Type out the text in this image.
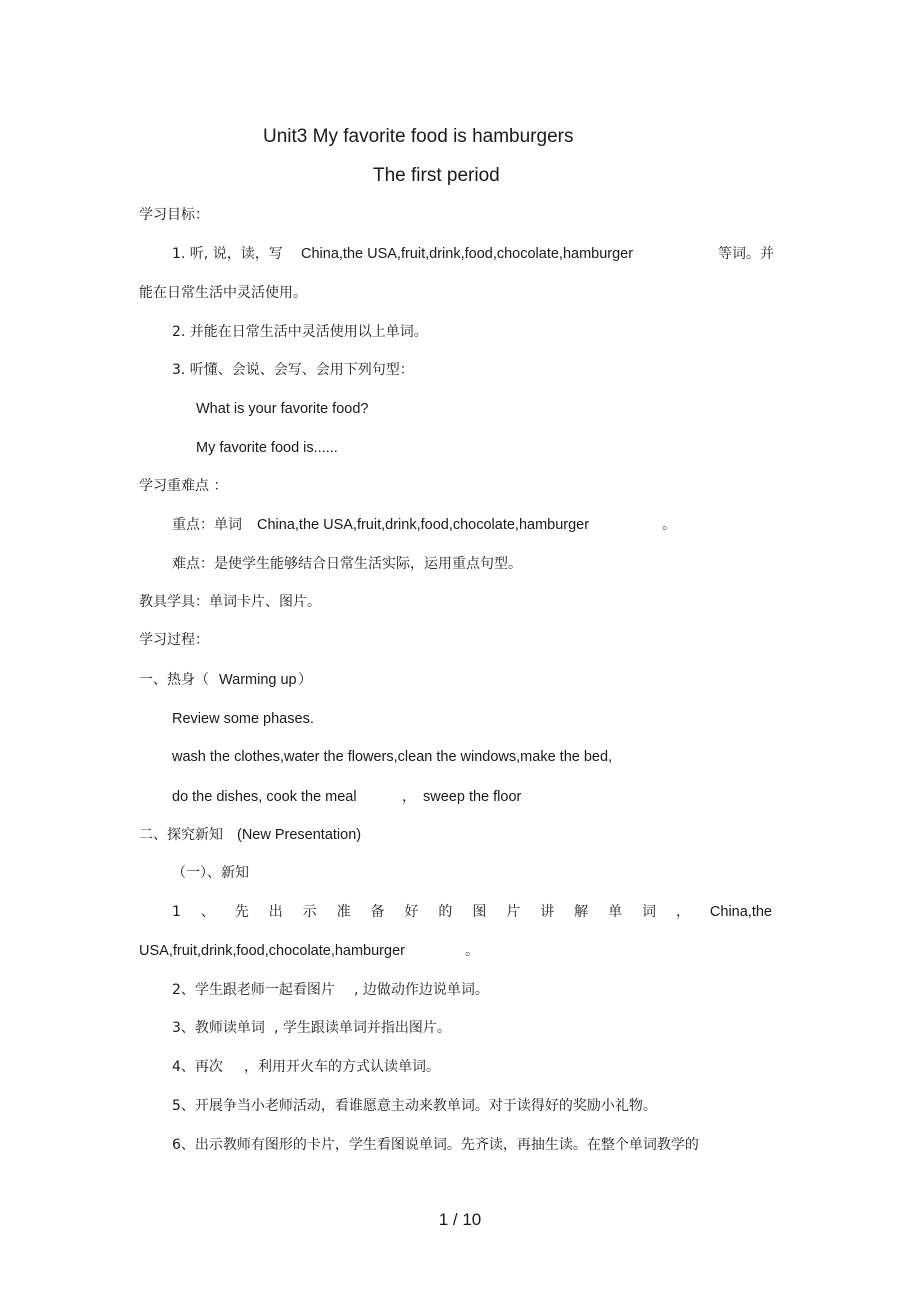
Unit3 My favorite food is hamburgers
The first period
学习目标：
1. 听, 说，读，写 China,the USA,fruit,drink,food,chocolate,hamburger	等词。并
能在日常生活中灵活使用。
2. 并能在日常生活中灵活使用以上单词。
3. 听懂、会说、会写、会用下列句型：
What is your favorite food?
My favorite food is......
学习重难点 ：
重点：单词 China,the USA,fruit,drink,food,chocolate,hamburger	。
难点：是使学生能够结合日常生活实际，运用重点句型。
教具学具：单词卡片、图片。
学习过程：
一、热身（ Warming up ）
Review some phases.
wash the clothes,water the flowers,clean the windows,make the bed,
do the dishes, cook the meal	， sweep the floor
二、探究新知 (New Presentation)
（一）、新知
1 、 先 出 示 准 备 好 的 图 片 讲 解 单 词 ， China,the
USA,fruit,drink,food,chocolate,hamburger	。
2、学生跟老师一起看图片 , 边做动作边说单词。
3、教师读单词 , 学生跟读单词并指出图片。
4、再次 ，利用开火车的方式认读单词。
5、开展争当小老师活动，看谁愿意主动来教单词。对于读得好的奖励小礼物。
6、出示教师有图形的卡片，学生看图说单词。先齐读，再抽生读。在整个单词教学的
1 / 10
